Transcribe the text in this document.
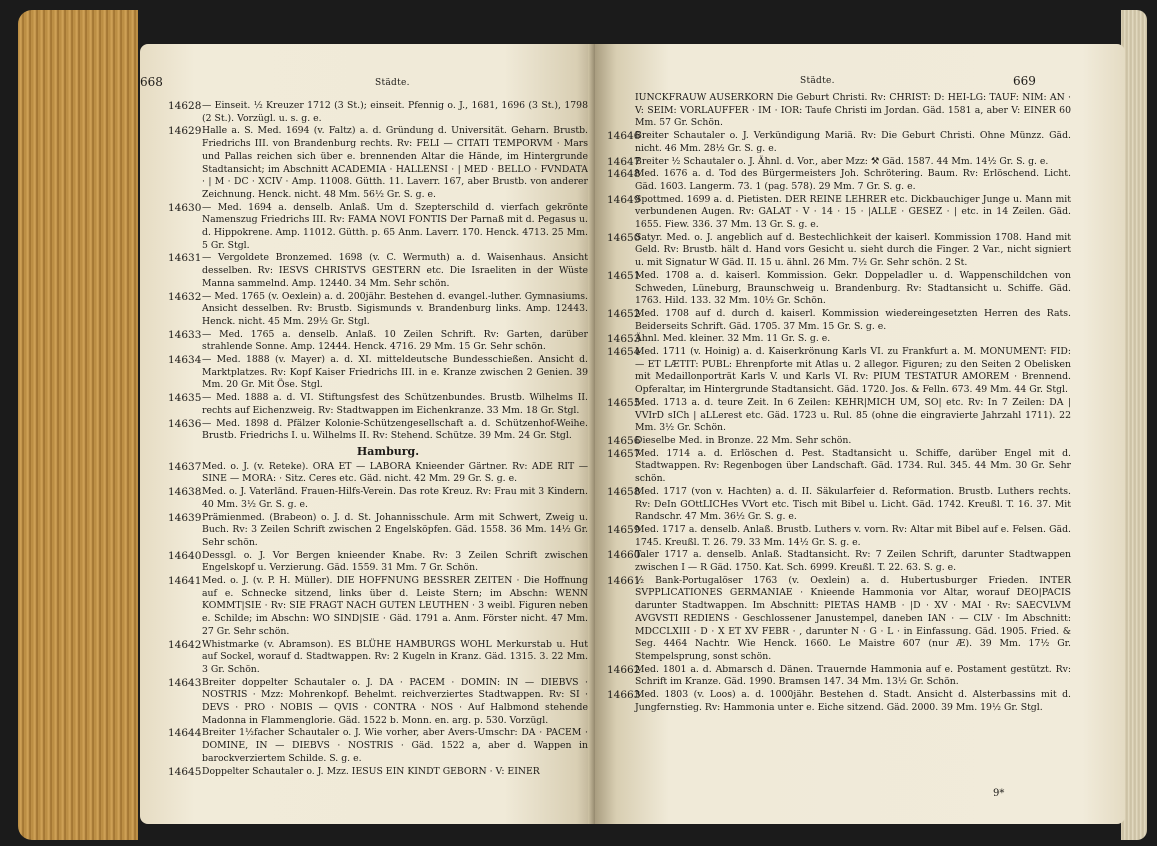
668	Städte.

14628 — Einseit. ½ Kreuzer 1712 (3 St.); einseit. Pfennig o. J., 1681, 1696 (3 St.), 1798 (2 St.). Vorzügl. u. s. g. e.

14629 Halle a. S. Med. 1694 (v. Faltz) a. d. Gründung d. Universität. Geharn. Brustb. Friedrichs III. von Brandenburg rechts. Rv: FELI — CITATI TEMPORVM · Mars und Pallas reichen sich über e. brennenden Altar die Hände, im Hintergrunde Stadtansicht; im Abschnitt ACADEMIA · HALLENSI · | MED · BELLO · FVNDATA · | M · DC · XCIV · Amp. 11008. Gütth. 11. Laverr. 167, aber Brustb. von anderer Zeichnung. Henck. nicht. 48 Mm. 56½ Gr. S. g. e.

14630 — Med. 1694 a. denselb. Anlaß. Um d. Szepterschild d. vierfach gekrönte Namenszug Friedrichs III. Rv: FAMA NOVI FONTIS Der Parnaß mit d. Pegasus u. d. Hippokrene. Amp. 11012. Gütth. p. 65 Anm. Laverr. 170. Henck. 4713. 25 Mm. 5 Gr. Stgl.

14631 — Vergoldete Bronzemed. 1698 (v. C. Wermuth) a. d. Waisenhaus. Ansicht desselben. Rv: IESVS CHRISTVS GESTERN etc. Die Israeliten in der Wüste Manna sammelnd. Amp. 12440. 34 Mm. Sehr schön.

14632 — Med. 1765 (v. Oexlein) a. d. 200jähr. Bestehen d. evangel.-luther. Gymnasiums. Ansicht desselben. Rv: Brustb. Sigismunds v. Brandenburg links. Amp. 12443. Henck. nicht. 45 Mm. 29½ Gr. Stgl.

14633 — Med. 1765 a. denselb. Anlaß. 10 Zeilen Schrift. Rv: Garten, darüber strahlende Sonne. Amp. 12444. Henck. 4716. 29 Mm. 15 Gr. Sehr schön.

14634 — Med. 1888 (v. Mayer) a. d. XI. mitteldeutsche Bundesschießen. Ansicht d. Marktplatzes. Rv: Kopf Kaiser Friedrichs III. in e. Kranze zwischen 2 Genien. 39 Mm. 20 Gr. Mit Öse. Stgl.

14635 — Med. 1888 a. d. VI. Stiftungsfest des Schützenbundes. Brustb. Wilhelms II. rechts auf Eichenzweig. Rv: Stadtwappen im Eichenkranze. 33 Mm. 18 Gr. Stgl.

14636 — Med. 1898 d. Pfälzer Kolonie-Schützengesellschaft a. d. Schützenhof-Weihe. Brustb. Friedrichs I. u. Wilhelms II. Rv: Stehend. Schütze. 39 Mm. 24 Gr. Stgl.

Hamburg.

14637 Med. o. J. (v. Reteke). ORA ET — LABORA Knieender Gärtner. Rv: ADE RIT — SINE — MORA: · Sitz. Ceres etc. Gäd. nicht. 42 Mm. 29 Gr. S. g. e.

14638 Med. o. J. Vaterländ. Frauen-Hilfs-Verein. Das rote Kreuz. Rv: Frau mit 3 Kindern. 40 Mm. 3½ Gr. S. g. e.

14639 Prämienmed. (Brabeon) o. J. d. St. Johannisschule. Arm mit Schwert, Zweig u. Buch. Rv: 3 Zeilen Schrift zwischen 2 Engelsköpfen. Gäd. 1558. 36 Mm. 14½ Gr. Sehr schön.

14640 Dessgl. o. J. Vor Bergen knieender Knabe. Rv: 3 Zeilen Schrift zwischen Engelskopf u. Verzierung. Gäd. 1559. 31 Mm. 7 Gr. Schön.

14641 Med. o. J. (v. P. H. Müller). DIE HOFFNUNG BESSRER ZEITEN · Die Hoffnung auf e. Schnecke sitzend, links über d. Leiste Stern; im Abschn: WENN KOMMT|SIE · Rv: SIE FRAGT NACH GUTEN LEUTHEN · 3 weibl. Figuren neben e. Schilde; im Abschn: WO SIND|SIE · Gäd. 1791 a. Anm. Förster nicht. 47 Mm. 27 Gr. Sehr schön.

14642 Whistmarke (v. Abramson). ES BLÜHE HAMBURGS WOHL Merkurstab u. Hut auf Sockel, worauf d. Stadtwappen. Rv: 2 Kugeln in Kranz. Gäd. 1315. 3. 22 Mm. 3 Gr. Schön.

14643 Breiter doppelter Schautaler o. J. DA · PACEM · DOMIN: IN — DIEBVS · NOSTRIS · Mzz: Mohrenkopf. Behelmt. reichverziertes Stadtwappen. Rv: SI · DEVS · PRO · NOBIS — QVIS · CONTRA · NOS · Auf Halbmond stehende Madonna in Flammenglorie. Gäd. 1522 b. Monn. en. arg. p. 530. Vorzügl.

14644 Breiter 1½facher Schautaler o. J. Wie vorher, aber Avers-Umschr: DA · PACEM · DOMINE, IN — DIEBVS · NOSTRIS · Gäd. 1522 a, aber d. Wappen in barockverziertem Schilde. S. g. e.

14645 Doppelter Schautaler o. J. Mzz. IESUS EIN KINDT GEBORN · V: EINER

Städte.	669

IUNCKFRAUW AUSERKORN Die Geburt Christi. Rv: CHRIST: D: HEI-LG: TAUF: NIM: AN · V: SEIM: VORLAUFFER · IM · IOR: Taufe Christi im Jordan. Gäd. 1581 a, aber V: EINER 60 Mm. 57 Gr. Schön.

14646
Breiter Schautaler o. J. Verkündigung Mariä. Rv: Die Geburt Christi. Ohne Münzz. Gäd. nicht. 46 Mm. 28½ Gr. S. g. e.

14647
Breiter ½ Schautaler o. J. Ähnl. d. Vor., aber Mzz: ⚒ Gäd. 1587. 44 Mm. 14½ Gr. S. g. e.

14648
Med. 1676 a. d. Tod des Bürgermeisters Joh. Schrötering. Baum. Rv: Erlöschend. Licht. Gäd. 1603. Langerm. 73. 1 (pag. 578). 29 Mm. 7 Gr. S. g. e.

14649
Spottmed. 1699 a. d. Pietisten. DER REINE LEHRER etc. Dickbauchiger Junge u. Mann mit verbundenen Augen. Rv: GALAT · V · 14 · 15 · |ALLE · GESEZ · | etc. in 14 Zeilen. Gäd. 1655. Fiew. 336. 37 Mm. 13 Gr. S. g. e.

14650
Satyr. Med. o. J. angeblich auf d. Bestechlichkeit der kaiserl. Kommission 1708. Hand mit Geld. Rv: Brustb. hält d. Hand vors Gesicht u. sieht durch die Finger. 2 Var., nicht signiert u. mit Signatur W Gäd. II. 15 u. ähnl. 26 Mm. 7½ Gr. Sehr schön. 2 St.

14651
Med. 1708 a. d. kaiserl. Kommission. Gekr. Doppeladler u. d. Wappenschildchen von Schweden, Lüneburg, Braunschweig u. Brandenburg. Rv: Stadtansicht u. Schiffe. Gäd. 1763. Hild. 133. 32 Mm. 10½ Gr. Schön.

14652
Med. 1708 auf d. durch d. kaiserl. Kommission wiedereingesetzten Herren des Rats. Beiderseits Schrift. Gäd. 1705. 37 Mm. 15 Gr. S. g. e.

14653
Ähnl. Med. kleiner. 32 Mm. 11 Gr. S. g. e.

14654
Med. 1711 (v. Hoinig) a. d. Kaiserkrönung Karls VI. zu Frankfurt a. M. MONUMENT: FID: — ET LÆTIT: PUBL: Ehrenpforte mit Atlas u. 2 allegor. Figuren; zu den Seiten 2 Obelisken mit Medaillonporträt Karls V. und Karls VI. Rv: PIUM TESTATUR AMOREM · Brennend. Opferaltar, im Hintergrunde Stadtansicht. Gäd. 1720. Jos. & Felln. 673. 49 Mm. 44 Gr. Stgl.

14655
Med. 1713 a. d. teure Zeit. In 6 Zeilen: KEHR|MICH UM, SO| etc. Rv: In 7 Zeilen: DA | VVIrD sICh | aLLerest etc. Gäd. 1723 u. Rul. 85 (ohne die eingravierte Jahrzahl 1711). 22 Mm. 3½ Gr. Schön.

14656
Dieselbe Med. in Bronze. 22 Mm. Sehr schön.

14657
Med. 1714 a. d. Erlöschen d. Pest. Stadtansicht u. Schiffe, darüber Engel mit d. Stadtwappen. Rv: Regenbogen über Landschaft. Gäd. 1734. Rul. 345. 44 Mm. 30 Gr. Sehr schön.

14658
Med. 1717 (von v. Hachten) a. d. II. Säkularfeier d. Reformation. Brustb. Luthers rechts. Rv: DeIn GOttLICHes VVort etc. Tisch mit Bibel u. Licht. Gäd. 1742. Kreußl. T. 16. 37. Mit Randschr. 47 Mm. 36½ Gr. S. g. e.

14659
Med. 1717 a. denselb. Anlaß. Brustb. Luthers v. vorn. Rv: Altar mit Bibel auf e. Felsen. Gäd. 1745. Kreußl. T. 26. 79. 33 Mm. 14½ Gr. S. g. e.

14660
Taler 1717 a. denselb. Anlaß. Stadtansicht. Rv: 7 Zeilen Schrift, darunter Stadtwappen zwischen I — R Gäd. 1750. Kat. Sch. 6999. Kreußl. T. 22. 63. S. g. e.

14661
½ Bank-Portugalöser 1763 (v. Oexlein) a. d. Hubertusburger Frieden. INTER SVPPLICATIONES GERMANIAE · Knieende Hammonia vor Altar, worauf DEO|PACIS darunter Stadtwappen. Im Abschnitt: PIETAS HAMB · |D · XV · MAI · Rv: SAECVLVM AVGVSTI REDIENS · Geschlossener Janustempel, daneben IAN · — CLV · Im Abschnitt: MDCCLXIII · D · X ET XV FEBR · , darunter N · G · L · in Einfassung. Gäd. 1905. Fried. & Seg. 4464 Nachtr. Wie Henck. 1660. Le Maistre 607 (nur Æ). 39 Mm. 17½ Gr. Stempelsprung, sonst schön.

14662
Med. 1801 a. d. Abmarsch d. Dänen. Trauernde Hammonia auf e. Postament gestützt. Rv: Schrift im Kranze. Gäd. 1990. Bramsen 147. 34 Mm. 13½ Gr. Schön.

14663
Med. 1803 (v. Loos) a. d. 1000jähr. Bestehen d. Stadt. Ansicht d. Alsterbassins mit d. Jungfernstieg. Rv: Hammonia unter e. Eiche sitzend. Gäd. 2000. 39 Mm. 19½ Gr. Stgl.

9*
